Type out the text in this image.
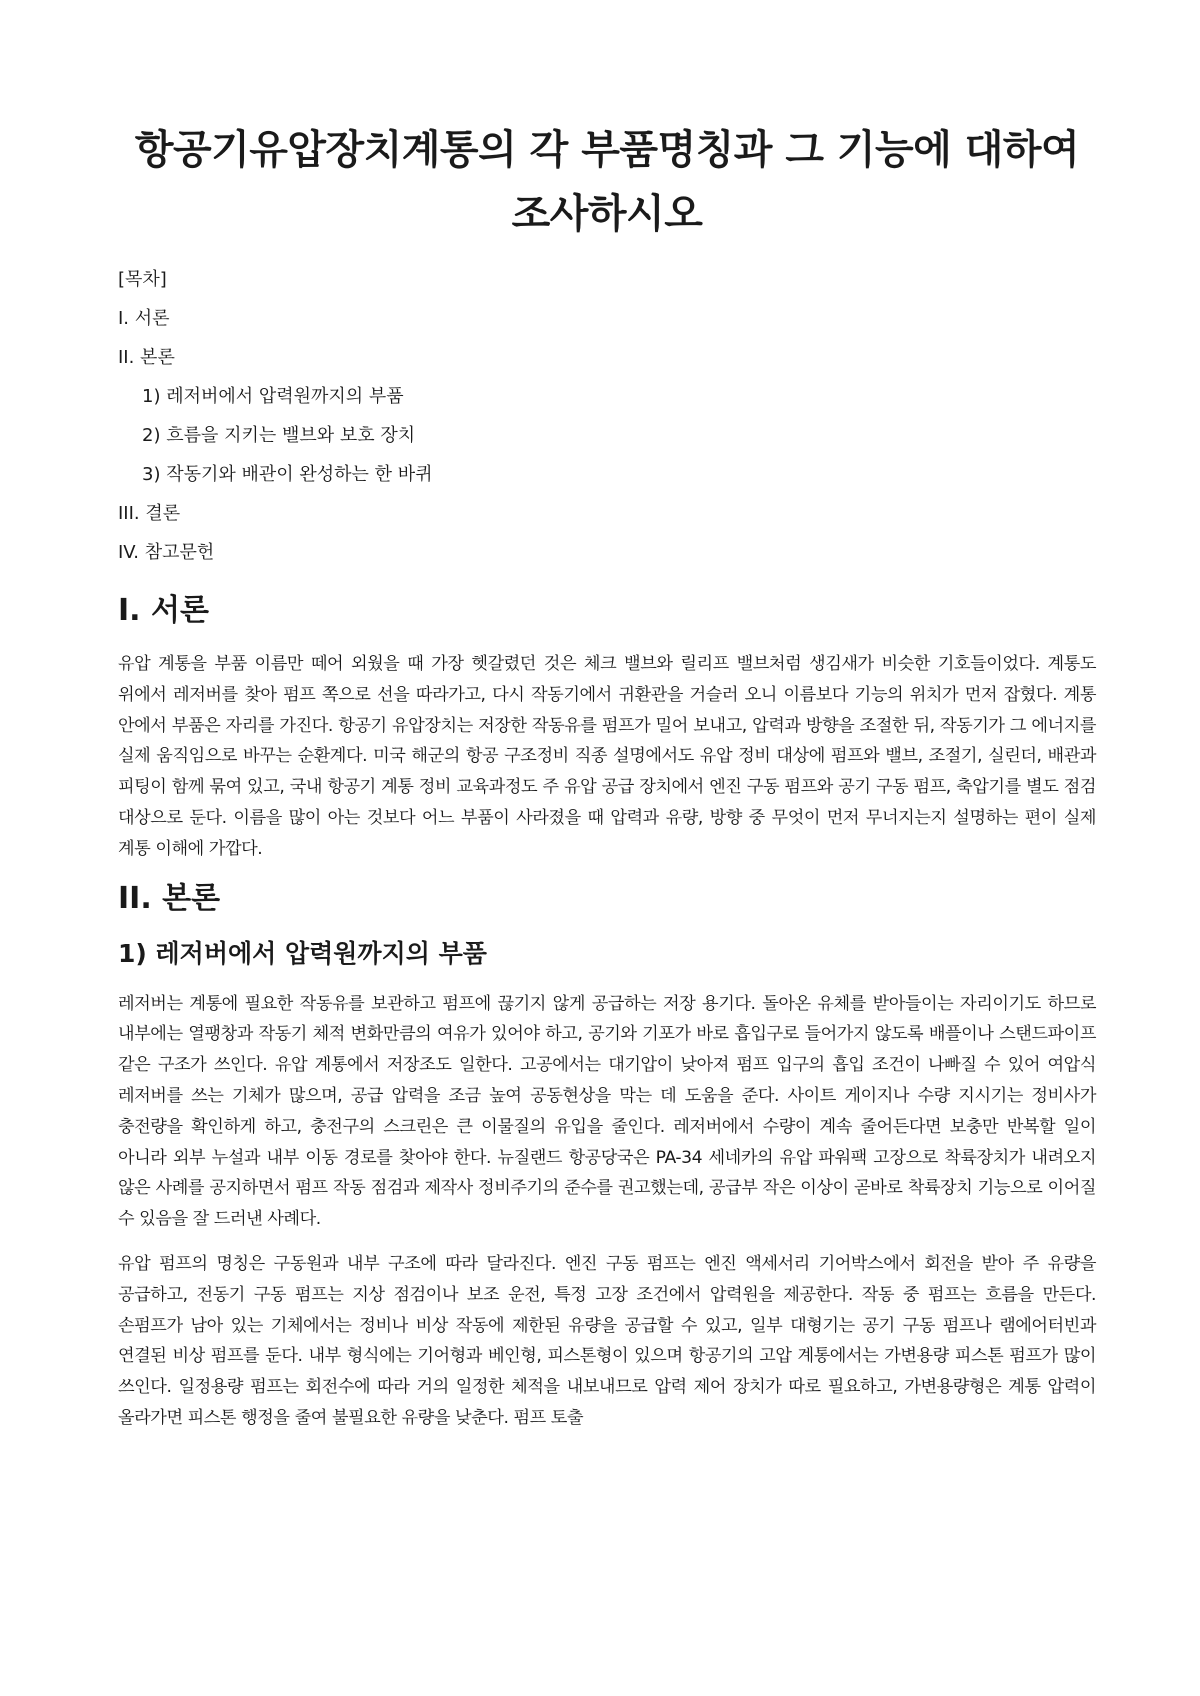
항공기유압장치계통의 각 부품명칭과 그 기능에 대하여 조사하시오
[목차]
I. 서론
II. 본론
1) 레저버에서 압력원까지의 부품
2) 흐름을 지키는 밸브와 보호 장치
3) 작동기와 배관이 완성하는 한 바퀴
III. 결론
IV. 참고문헌
I. 서론

유압 계통을 부품 이름만 떼어 외웠을 때 가장 헷갈렸던 것은 체크 밸브와 릴리프 밸브처럼 생김새가 비슷한 기호들이었다. 계통도 위에서 레저버를 찾아 펌프 쪽으로 선을 따라가고, 다시 작동기에서 귀환관을 거슬러 오니 이름보다 기능의 위치가 먼저 잡혔다. 계통 안에서 부품은 자리를 가진다. 항공기 유압장치는 저장한 작동유를 펌프가 밀어 보내고, 압력과 방향을 조절한 뒤, 작동기가 그 에너지를 실제 움직임으로 바꾸는 순환계다. 미국 해군의 항공 구조정비 직종 설명에서도 유압 정비 대상에 펌프와 밸브, 조절기, 실린더, 배관과 피팅이 함께 묶여 있고, 국내 항공기 계통 정비 교육과정도 주 유압 공급 장치에서 엔진 구동 펌프와 공기 구동 펌프, 축압기를 별도 점검 대상으로 둔다. 이름을 많이 아는 것보다 어느 부품이 사라졌을 때 압력과 유량, 방향 중 무엇이 먼저 무너지는지 설명하는 편이 실제 계통 이해에 가깝다.

II. 본론
1) 레저버에서 압력원까지의 부품

레저버는 계통에 필요한 작동유를 보관하고 펌프에 끊기지 않게 공급하는 저장 용기다. 돌아온 유체를 받아들이는 자리이기도 하므로 내부에는 열팽창과 작동기 체적 변화만큼의 여유가 있어야 하고, 공기와 기포가 바로 흡입구로 들어가지 않도록 배플이나 스탠드파이프 같은 구조가 쓰인다. 유압 계통에서 저장조도 일한다. 고공에서는 대기압이 낮아져 펌프 입구의 흡입 조건이 나빠질 수 있어 여압식 레저버를 쓰는 기체가 많으며, 공급 압력을 조금 높여 공동현상을 막는 데 도움을 준다. 사이트 게이지나 수량 지시기는 정비사가 충전량을 확인하게 하고, 충전구의 스크린은 큰 이물질의 유입을 줄인다. 레저버에서 수량이 계속 줄어든다면 보충만 반복할 일이 아니라 외부 누설과 내부 이동 경로를 찾아야 한다. 뉴질랜드 항공당국은 PA-34 세네카의 유압 파워팩 고장으로 착륙장치가 내려오지 않은 사례를 공지하면서 펌프 작동 점검과 제작사 정비주기의 준수를 권고했는데, 공급부 작은 이상이 곧바로 착륙장치 기능으로 이어질 수 있음을 잘 드러낸 사례다.

유압 펌프의 명칭은 구동원과 내부 구조에 따라 달라진다. 엔진 구동 펌프는 엔진 액세서리 기어박스에서 회전을 받아 주 유량을 공급하고, 전동기 구동 펌프는 지상 점검이나 보조 운전, 특정 고장 조건에서 압력원을 제공한다. 작동 중 펌프는 흐름을 만든다. 손펌프가 남아 있는 기체에서는 정비나 비상 작동에 제한된 유량을 공급할 수 있고, 일부 대형기는 공기 구동 펌프나 램에어터빈과 연결된 비상 펌프를 둔다. 내부 형식에는 기어형과 베인형, 피스톤형이 있으며 항공기의 고압 계통에서는 가변용량 피스톤 펌프가 많이 쓰인다. 일정용량 펌프는 회전수에 따라 거의 일정한 체적을 내보내므로 압력 제어 장치가 따로 필요하고, 가변용량형은 계통 압력이 올라가면 피스톤 행정을 줄여 불필요한 유량을 낮춘다. 펌프 토출
